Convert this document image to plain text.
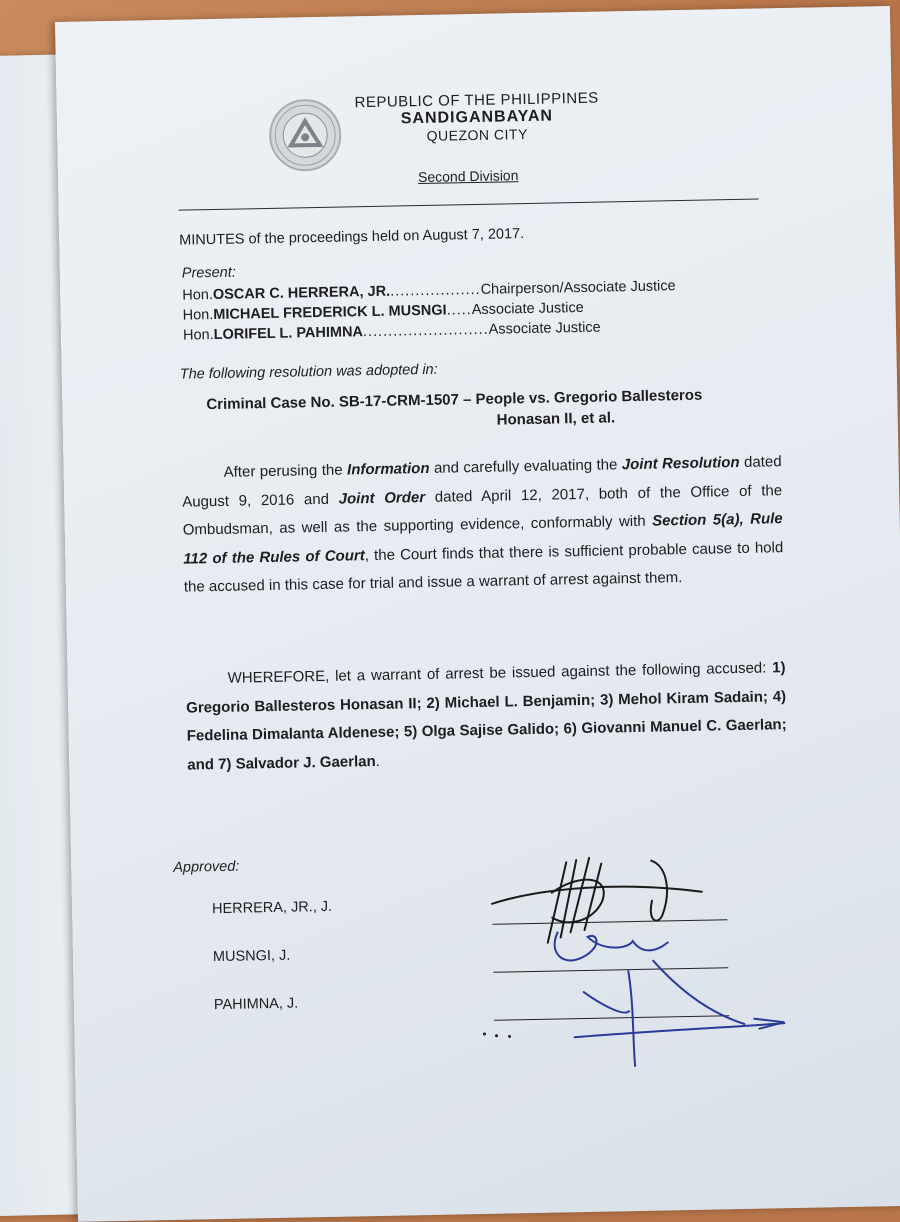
REPUBLIC OF THE PHILIPPINES
SANDIGANBAYAN
QUEZON CITY
Second Division
MINUTES of the proceedings held on August 7, 2017.
Present:
Hon. OSCAR C. HERRERA, JR. .................. Chairperson/Associate Justice
Hon. MICHAEL FREDERICK L. MUSNGI ..... Associate Justice
Hon. LORIFEL L. PAHIMNA ......................... Associate Justice
The following resolution was adopted in:
Criminal Case No. SB-17-CRM-1507 – People vs. Gregorio Ballesteros
Honasan II, et al.
After perusing the Information and carefully evaluating the Joint Resolution dated August 9, 2016 and Joint Order dated April 12, 2017, both of the Office of the Ombudsman, as well as the supporting evidence, conformably with Section 5(a), Rule 112 of the Rules of Court, the Court finds that there is sufficient probable cause to hold the accused in this case for trial and issue a warrant of arrest against them.
WHEREFORE, let a warrant of arrest be issued against the following accused: 1) Gregorio Ballesteros Honasan II; 2) Michael L. Benjamin; 3) Mehol Kiram Sadain; 4) Fedelina Dimalanta Aldenese; 5) Olga Sajise Galido; 6) Giovanni Manuel C. Gaerlan; and 7) Salvador J. Gaerlan.
Approved:
HERRERA, JR., J.
MUSNGI, J.
PAHIMNA, J.
